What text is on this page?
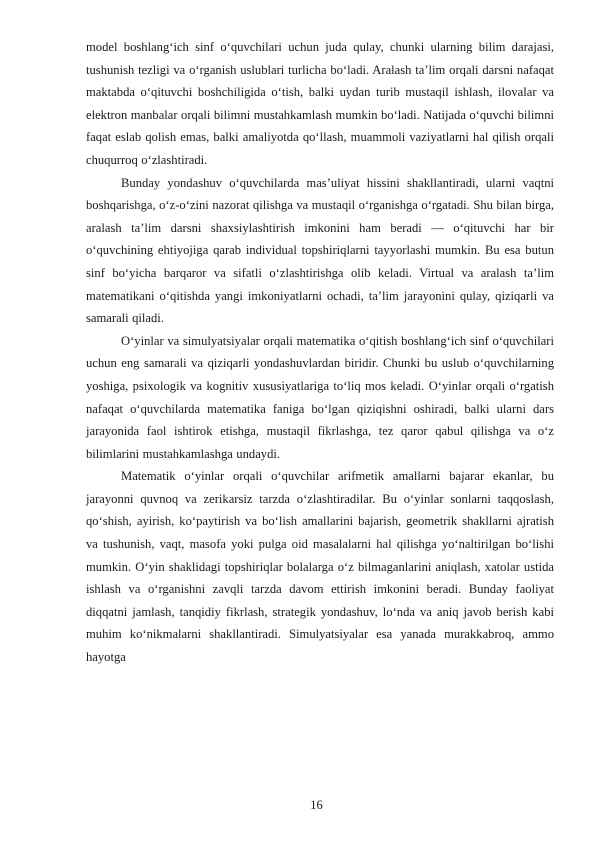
model boshlang‘ich sinf o‘quvchilari uchun juda qulay, chunki ularning bilim darajasi, tushunish tezligi va o‘rganish uslublari turlicha bo‘ladi. Aralash ta’lim orqali darsni nafaqat maktabda o‘qituvchi boshchiligida o‘tish, balki uydan turib mustaqil ishlash, ilovalar va elektron manbalar orqali bilimni mustahkamlash mumkin bo‘ladi. Natijada o‘quvchi bilimni faqat eslab qolish emas, balki amaliyotda qo‘llash, muammoli vaziyatlarni hal qilish orqali chuqurroq o‘zlashtiradi.

Bunday yondashuv o‘quvchilarda mas’uliyat hissini shakllantiradi, ularni vaqtni boshqarishga, o‘z-o‘zini nazorat qilishga va mustaqil o‘rganishga o‘rgatadi. Shu bilan birga, aralash ta’lim darsni shaxsiylashtirish imkonini ham beradi — o‘qituvchi har bir o‘quvchining ehtiyojiga qarab individual topshiriqlarni tayyorlashi mumkin. Bu esa butun sinf bo‘yicha barqaror va sifatli o‘zlashtirishga olib keladi. Virtual va aralash ta’lim matematikani o‘qitishda yangi imkoniyatlarni ochadi, ta’lim jarayonini qulay, qiziqarli va samarali qiladi.

O‘yinlar va simulyatsiyalar orqali matematika o‘qitish boshlang‘ich sinf o‘quvchilari uchun eng samarali va qiziqarli yondashuvlardan biridir. Chunki bu uslub o‘quvchilarning yoshiga, psixologik va kognitiv xususiyatlariga to‘liq mos keladi. O‘yinlar orqali o‘rgatish nafaqat o‘quvchilarda matematika faniga bo‘lgan qiziqishni oshiradi, balki ularni dars jarayonida faol ishtirok etishga, mustaqil fikrlashga, tez qaror qabul qilishga va o‘z bilimlarini mustahkamlashga undaydi.

Matematik o‘yinlar orqali o‘quvchilar arifmetik amallarni bajarar ekanlar, bu jarayonni quvnoq va zerikarsiz tarzda o‘zlashtiradilar. Bu o‘yinlar sonlarni taqqoslash, qo‘shish, ayirish, ko‘paytirish va bo‘lish amallarini bajarish, geometrik shakllarni ajratish va tushunish, vaqt, masofa yoki pulga oid masalalarni hal qilishga yo‘naltirilgan bo‘lishi mumkin. O‘yin shaklidagi topshiriqlar bolalarga o‘z bilmaganlarini aniqlash, xatolar ustida ishlash va o‘rganishni zavqli tarzda davom ettirish imkonini beradi. Bunday faoliyat diqqatni jamlash, tanqidiy fikrlash, strategik yondashuv, lo‘nda va aniq javob berish kabi muhim ko‘nikmalarni shakllantiradi. Simulyatsiyalar esa yanada murakkabroq, ammo hayotga

16
